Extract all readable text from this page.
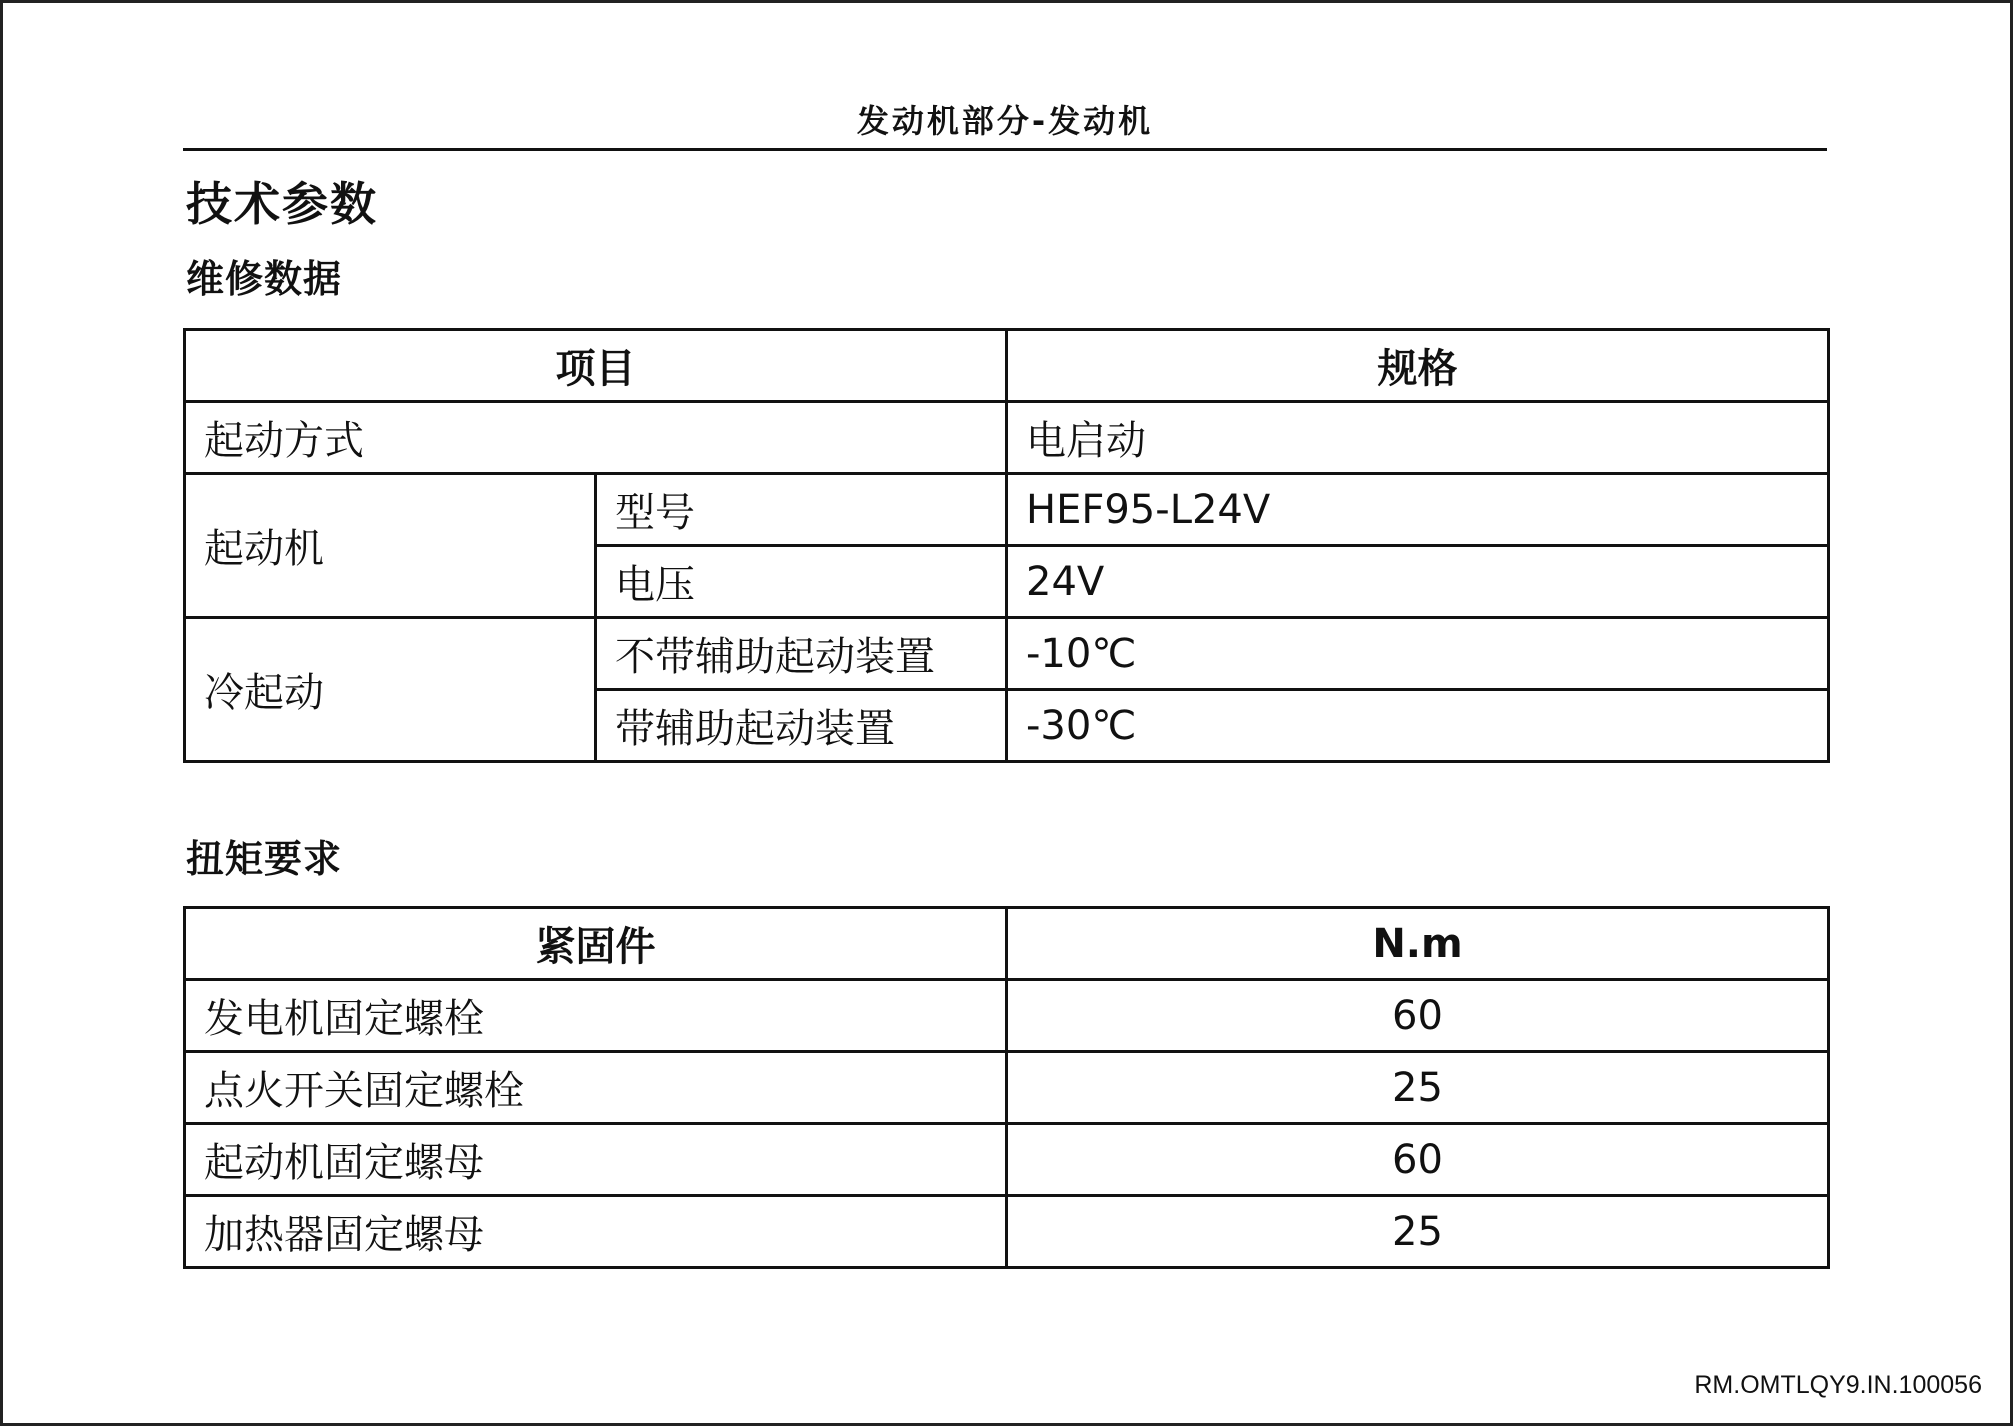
发动机部分-发动机
技术参数
维修数据
项目		规格
起动方式		电启动
起动机	型号	HEF95-L24V
	电压	24V
冷起动	不带辅助起动装置	-10℃
	带辅助起动装置	-30℃
扭矩要求
紧固件	N.m
发电机固定螺栓	60
点火开关固定螺栓	25
起动机固定螺母	60
加热器固定螺母	25
RM.OMTLQY9.IN.100056
